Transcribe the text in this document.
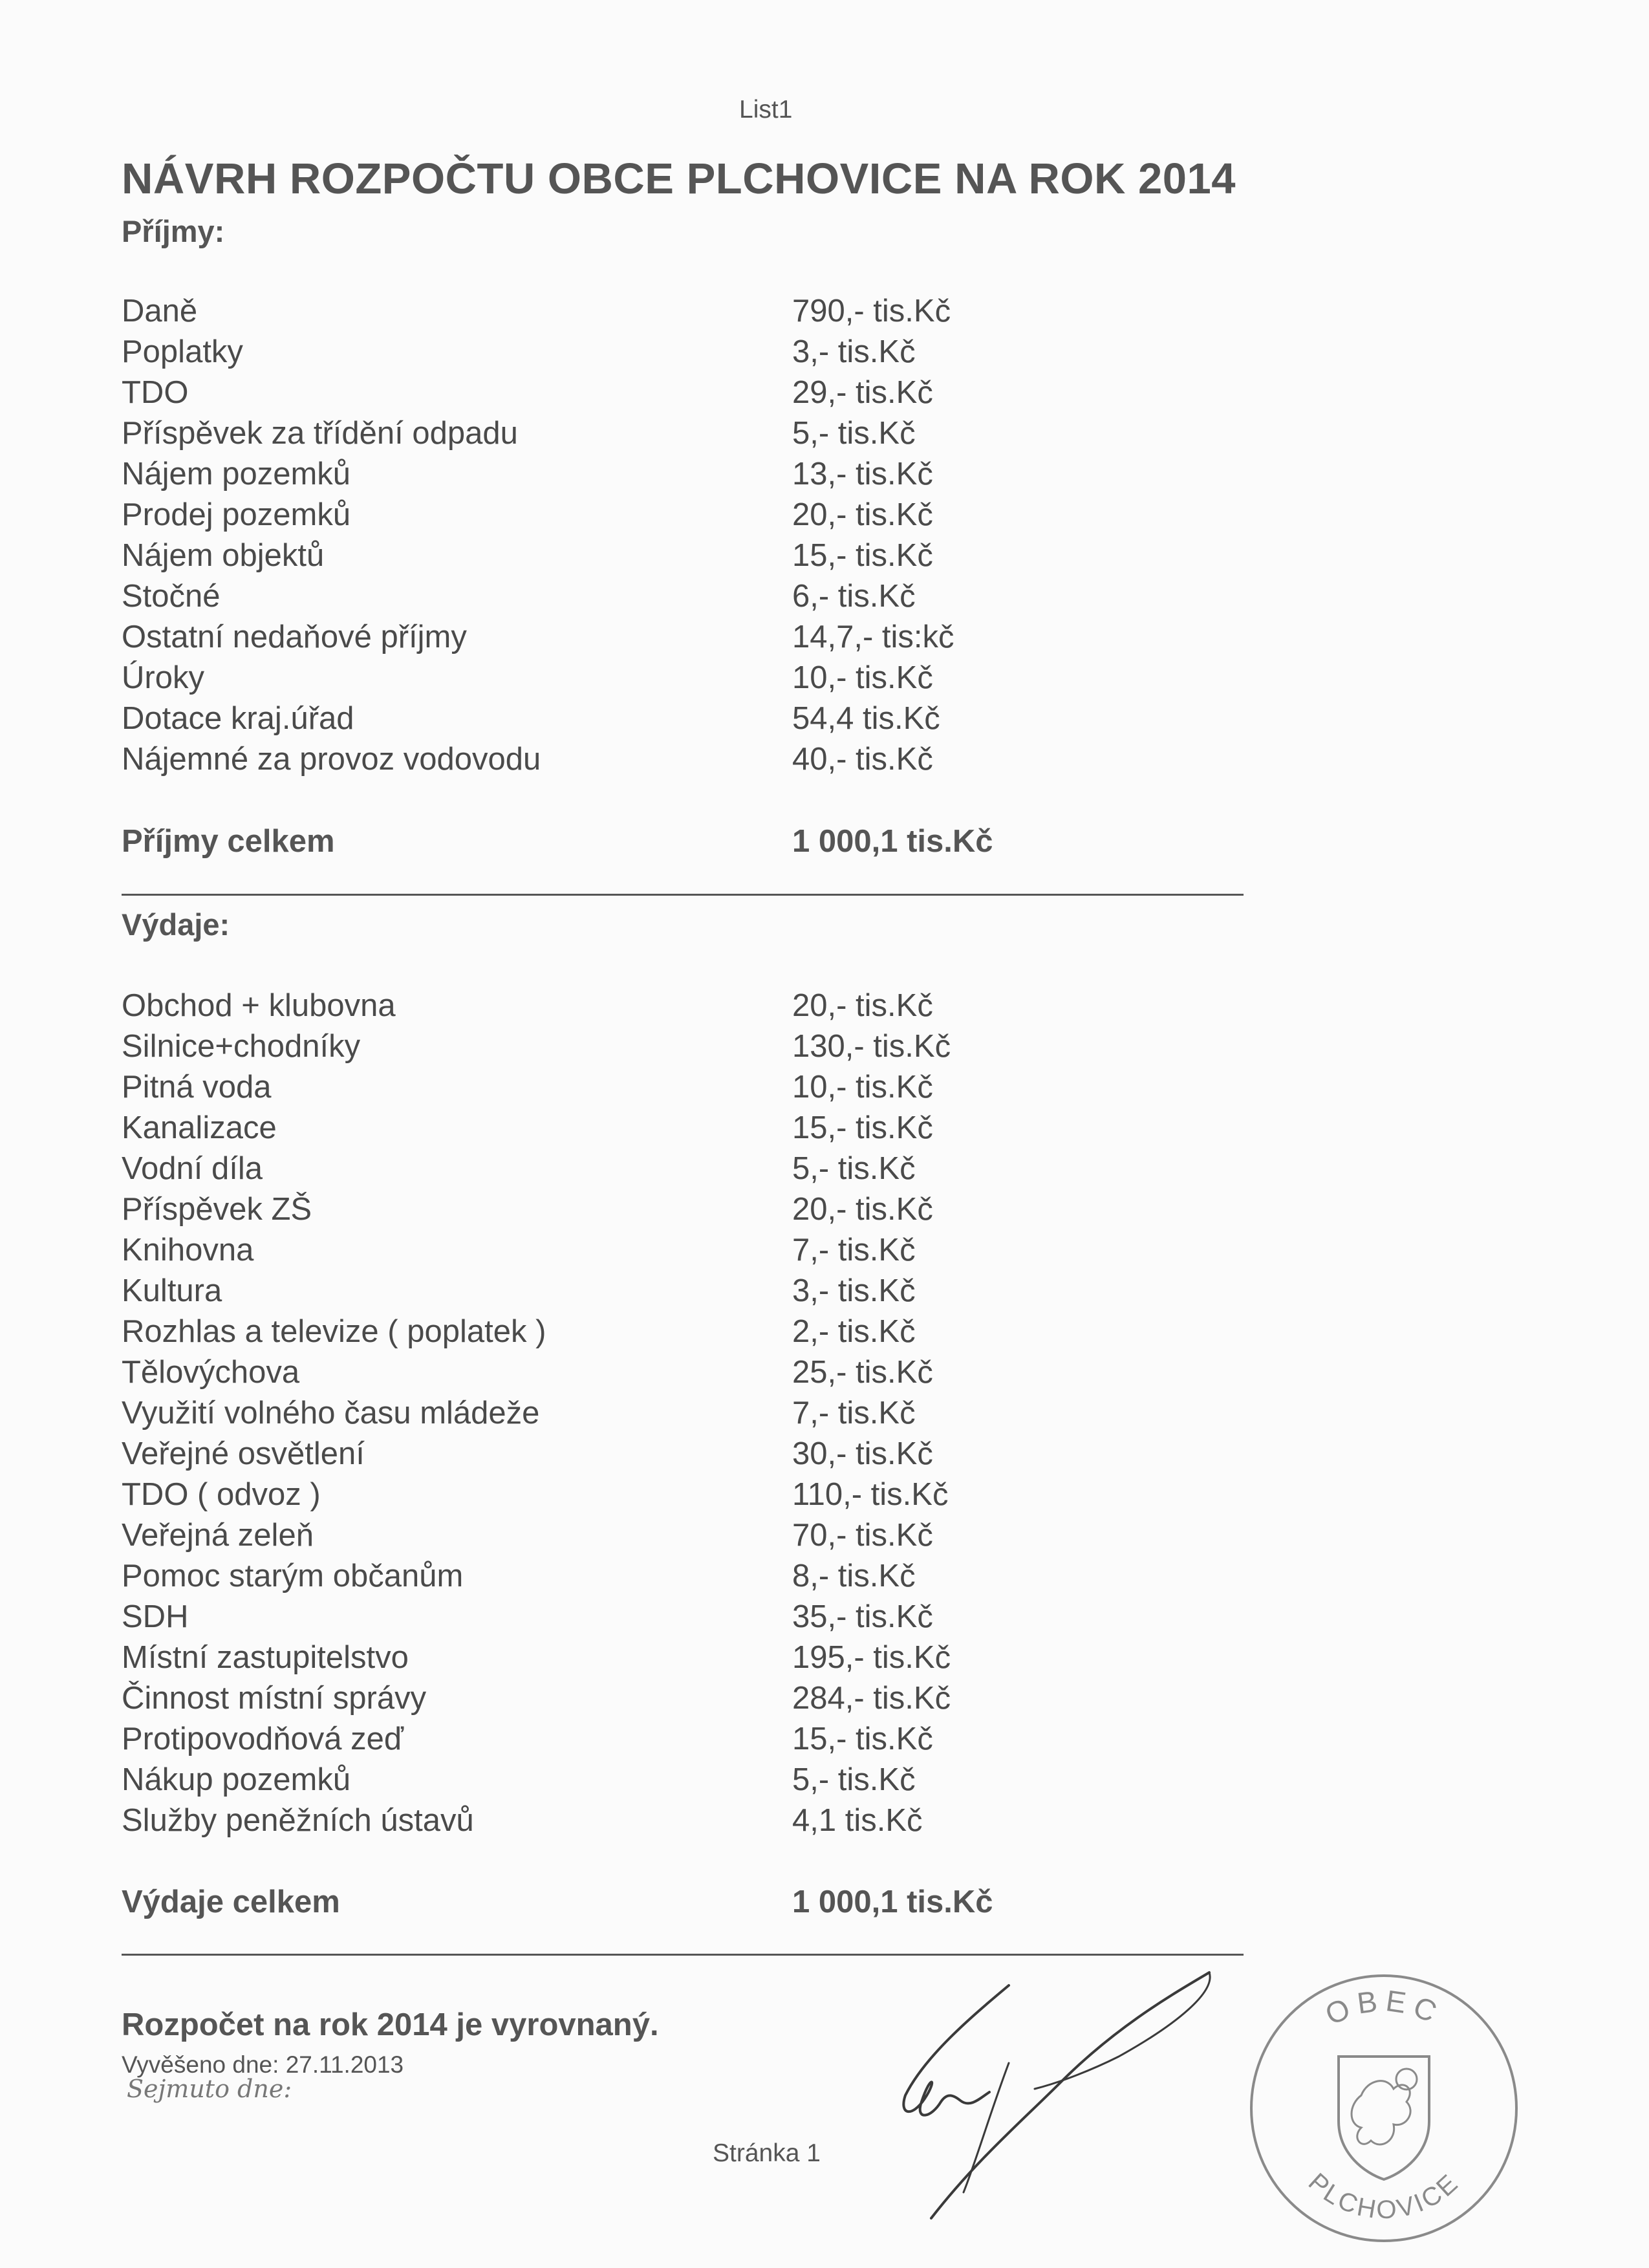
List1
NÁVRH ROZPOČTU OBCE PLCHOVICE NA ROK 2014
Příjmy:
Daně	790,- tis.Kč
Poplatky	3,- tis.Kč
TDO	29,- tis.Kč
Příspěvek za třídění odpadu	5,- tis.Kč
Nájem pozemků	13,- tis.Kč
Prodej pozemků	20,- tis.Kč
Nájem objektů	15,- tis.Kč
Stočné	6,- tis.Kč
Ostatní nedaňové příjmy	14,7,- tis:kč
Úroky	10,- tis.Kč
Dotace kraj.úřad	54,4 tis.Kč
Nájemné za provoz vodovodu	40,- tis.Kč
Příjmy celkem	1 000,1 tis.Kč
Výdaje:
Obchod + klubovna	20,- tis.Kč
Silnice+chodníky	130,- tis.Kč
Pitná voda	10,- tis.Kč
Kanalizace	15,- tis.Kč
Vodní díla	5,- tis.Kč
Příspěvek ZŠ	20,- tis.Kč
Knihovna	7,- tis.Kč
Kultura	3,- tis.Kč
Rozhlas a televize ( poplatek )	2,- tis.Kč
Tělovýchova	25,- tis.Kč
Využití volného času mládeže	7,- tis.Kč
Veřejné osvětlení	30,- tis.Kč
TDO ( odvoz )	110,- tis.Kč
Veřejná zeleň	70,- tis.Kč
Pomoc starým občanům	8,- tis.Kč
SDH	35,- tis.Kč
Místní zastupitelstvo	195,- tis.Kč
Činnost místní správy	284,- tis.Kč
Protipovodňová zeď	15,- tis.Kč
Nákup pozemků	5,- tis.Kč
Služby peněžních ústavů	4,1 tis.Kč
Výdaje celkem	1 000,1 tis.Kč
Rozpočet na rok 2014 je vyrovnaný.
Vyvěšeno dne: 27.11.2013
Sejmuto dne:
Stránka 1
OBEC
PLCHOVICE
